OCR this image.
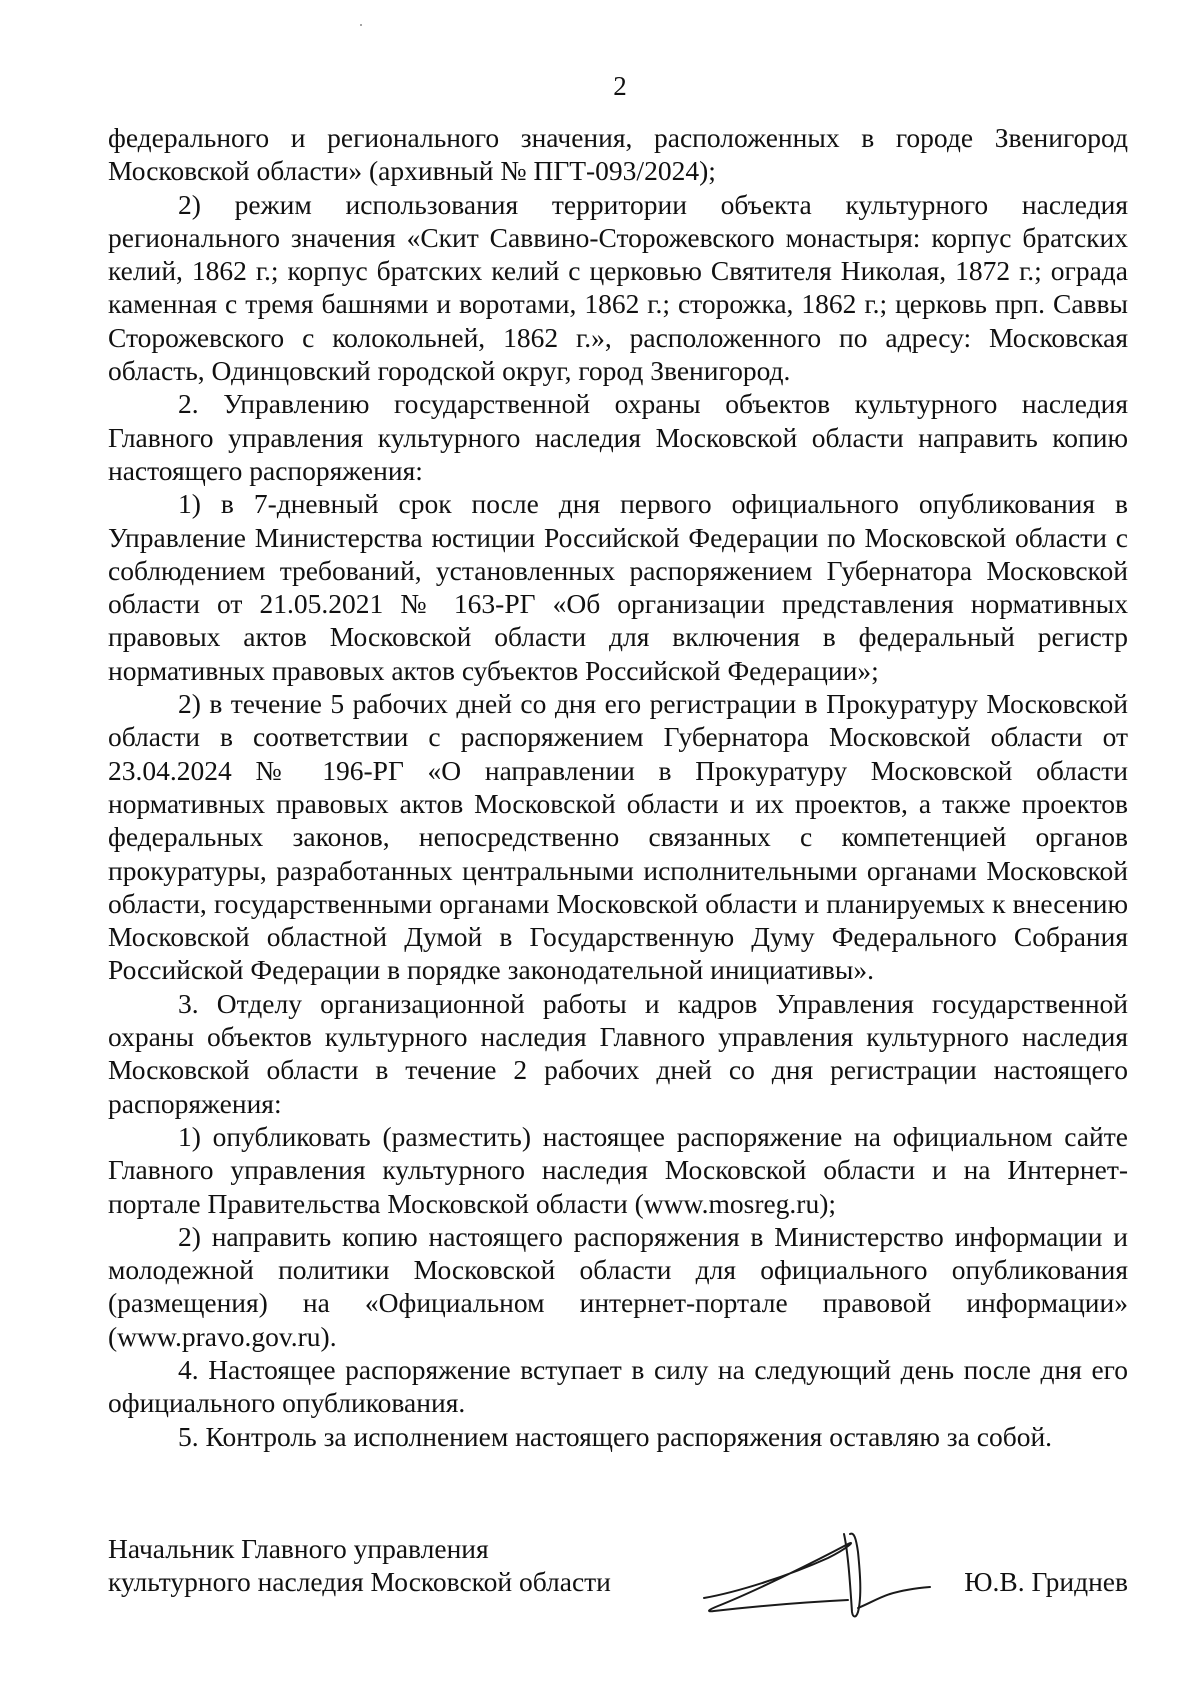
2

федерального и регионального значения, расположенных в городе Звенигород Московской области» (архивный № ПГТ-093/2024);

2) режим использования территории объекта культурного наследия регионального значения «Скит Саввино-Сторожевского монастыря: корпус братских келий, 1862 г.; корпус братских келий с церковью Святителя Николая, 1872 г.; ограда каменная с тремя башнями и воротами, 1862 г.; сторожка, 1862 г.; церковь прп. Саввы Сторожевского с колокольней, 1862 г.», расположенного по адресу: Московская область, Одинцовский городской округ, город Звенигород.

2. Управлению государственной охраны объектов культурного наследия Главного управления культурного наследия Московской области направить копию настоящего распоряжения:

1) в 7-дневный срок после дня первого официального опубликования в Управление Министерства юстиции Российской Федерации по Московской области с соблюдением требований, установленных распоряжением Губернатора Московской области от 21.05.2021 № 163-РГ «Об организации представления нормативных правовых актов Московской области для включения в федеральный регистр нормативных правовых актов субъектов Российской Федерации»;

2) в течение 5 рабочих дней со дня его регистрации в Прокуратуру Московской области в соответствии с распоряжением Губернатора Московской области от 23.04.2024 № 196-РГ «О направлении в Прокуратуру Московской области нормативных правовых актов Московской области и их проектов, а также проектов федеральных законов, непосредственно связанных с компетенцией органов прокуратуры, разработанных центральными исполнительными органами Московской области, государственными органами Московской области и планируемых к внесению Московской областной Думой в Государственную Думу Федерального Собрания Российской Федерации в порядке законодательной инициативы».

3. Отделу организационной работы и кадров Управления государственной охраны объектов культурного наследия Главного управления культурного наследия Московской области в течение 2 рабочих дней со дня регистрации настоящего распоряжения:

1) опубликовать (разместить) настоящее распоряжение на официальном сайте Главного управления культурного наследия Московской области и на Интернет-портале Правительства Московской области (www.mosreg.ru);

2) направить копию настоящего распоряжения в Министерство информации и молодежной политики Московской области для официального опубликования (размещения) на «Официальном интернет-портале правовой информации» (www.pravo.gov.ru).

4. Настоящее распоряжение вступает в силу на следующий день после дня его официального опубликования.

5. Контроль за исполнением настоящего распоряжения оставляю за собой.

Начальник Главного управления
культурного наследия Московской области	Ю.В. Гриднев
